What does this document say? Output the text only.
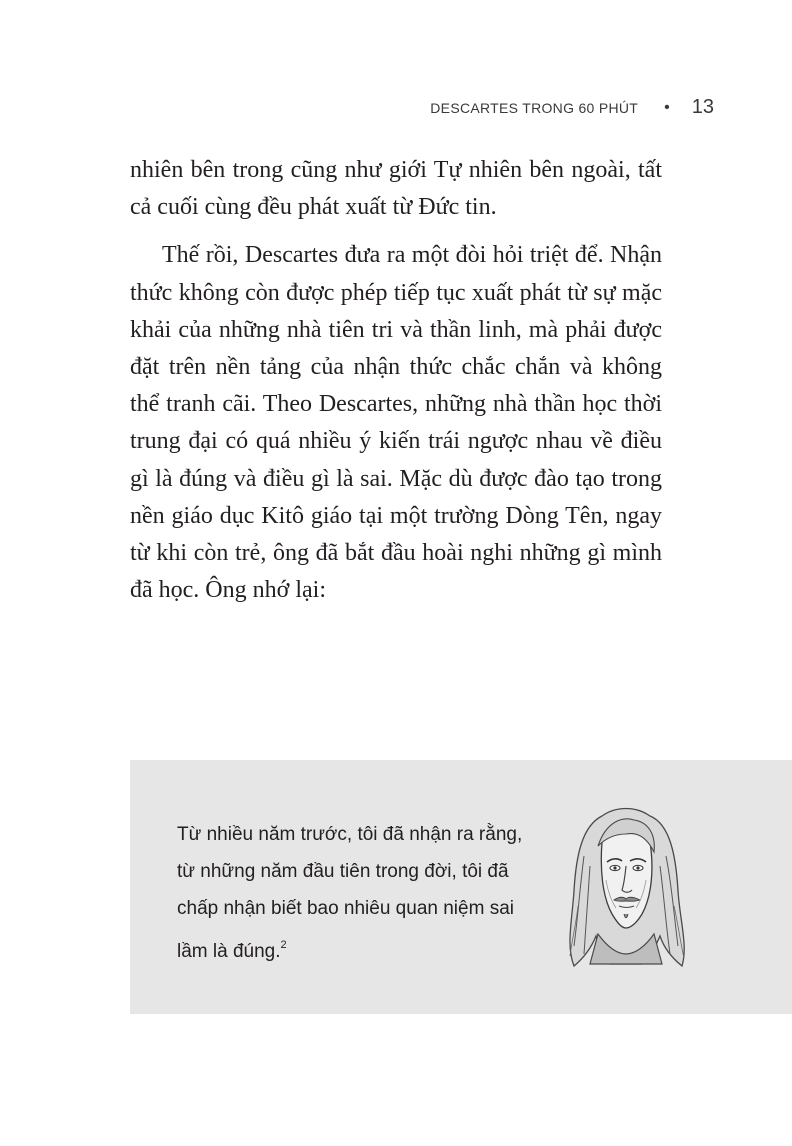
DESCARTES TRONG 60 PHÚT • 13

nhiên bên trong cũng như giới Tự nhiên bên ngoài, tất cả cuối cùng đều phát xuất từ Đức tin.

Thế rồi, Descartes đưa ra một đòi hỏi triệt để. Nhận thức không còn được phép tiếp tục xuất phát từ sự mặc khải của những nhà tiên tri và thần linh, mà phải được đặt trên nền tảng của nhận thức chắc chắn và không thể tranh cãi. Theo Descartes, những nhà thần học thời trung đại có quá nhiều ý kiến trái ngược nhau về điều gì là đúng và điều gì là sai. Mặc dù được đào tạo trong nền giáo dục Kitô giáo tại một trường Dòng Tên, ngay từ khi còn trẻ, ông đã bắt đầu hoài nghi những gì mình đã học. Ông nhớ lại:

Từ nhiều năm trước, tôi đã nhận ra rằng, từ những năm đầu tiên trong đời, tôi đã chấp nhận biết bao nhiêu quan niệm sai lầm là đúng.$^2$
